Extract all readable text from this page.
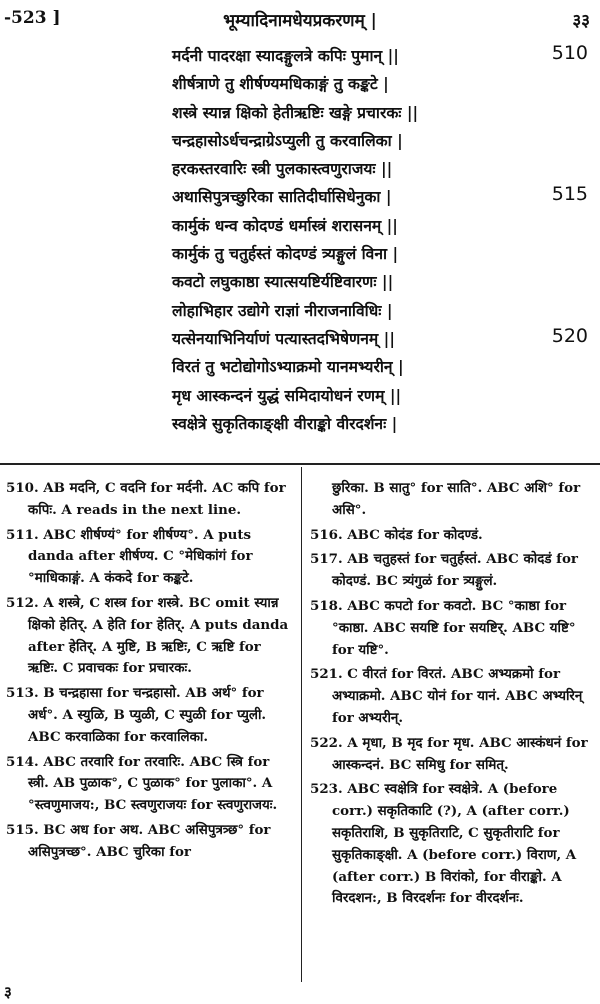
-523 ]	भूम्यादिनामधेयप्रकरणम् |	३३
मर्दनी पादरक्षा स्यादङ्गुलत्रे कपिः पुमान् ||	510
शीर्षत्राणे तु शीर्षण्यमधिकाङ्गं तु कङ्कटे |
शस्त्रे स्यान्न क्षिको हेतीऋष्टिः खङ्गे प्रचारकः ||
चन्द्रहासोऽर्धचन्द्राग्रेऽप्युली तु करवालिका |
हरकस्तरवारिः स्त्री पुलकास्त्वणुराजयः ||
अथासिपुत्रच्छुरिका सातिदीर्घासिधेनुका |	515
कार्मुकं धन्व कोदण्डं धर्मास्त्रं शरासनम् ||
कार्मुकं तु चतुर्हस्तं कोदण्डं त्र्यङ्गुलं विना |
कवटो लघुकाष्ठा स्यात्सयष्टिर्यष्टिवारणः ||
लोहाभिहार उद्योगे राज्ञां नीराजनाविधिः |
यत्सेनयाभिनिर्याणं पत्यास्तदभिषेणनम् ||	520
विरतं तु भटोद्योगोऽभ्याक्रमो यानमभ्यरीन् |
मृध आस्कन्दनं युद्धं समिदायोधनं रणम् ||
स्वक्षेत्रे सुकृतिकाङ्क्षी वीराङ्को वीरदर्शनः |
510. AB मदनि, C वदनि for मर्दनी. AC कपि for कपिः. A reads in the next line.
511. ABC शीर्षण्यं° for शीर्षण्य°. A puts danda after शीर्षण्य. C °मेधिकांगं for °माधिकाङ्गं. A कंकदे for कङ्कटे.
512. A शस्त्रे, C शस्त्र for शस्त्रे. BC omit स्यान्न क्षिको हेतिर्. A हेति for हेतिर्. A puts danda after हेतिर्. A मुष्टि, B ऋष्टिः, C ऋष्टि for ऋष्टिः. C प्रवाचकः for प्रचारकः.
513. B चन्द्रहासा for चन्द्रहासो. AB अर्थ° for अर्ध°. A स्युळि, B प्युळी, C स्पुळी for प्युली. ABC करवाळिका for करवालिका.
514. ABC तरवारि for तरवारिः. ABC स्त्रि for स्त्री. AB पुळाक°, C पुळाक° for पुलाका°. A °स्त्वणुमाजय:, BC स्त्वणुराजयः for स्त्वणुराजयः.
515. BC अध for अथ. ABC असिपुत्रत्र्छ° for असिपुत्रच्छ°. ABC चुरिका for
छुरिका. B सातु° for साति°. ABC अशि° for असि°.
516. ABC कोदंड for कोदण्डं.
517. AB चतुहस्तं for चतुर्हस्तं. ABC कोदडं for कोदण्डं. BC त्र्यंगुळं for त्र्यङ्गुलं.
518. ABC कपटो for कवटो. BC °काष्ठा for °काष्ठा. ABC सयष्टि for सयष्टिर्. ABC यष्टि° for यष्टि°.
521. C वीरतं for विरतं. ABC अभ्यक्रमो for अभ्याक्रमो. ABC योनं for यानं. ABC अभ्यरिन् for अभ्यरीन्.
522. A मृधा, B मृद for मृध. ABC आस्कंधनं for आस्कन्दनं. BC समिधु for समित्.
523. ABC स्वक्षेत्रि for स्वक्षेत्रे. A (before corr.) सकृतिकाटि (?), A (after corr.) सकृतिराशि, B सुकृतिराटि, C सुकृतीराटि for सुकृतिकाङ्क्षी. A (before corr.) विराण, A (after corr.) B विरांको, for वीराङ्को. A विरदशन:, B विरदर्शनः for वीरदर्शनः.
३
